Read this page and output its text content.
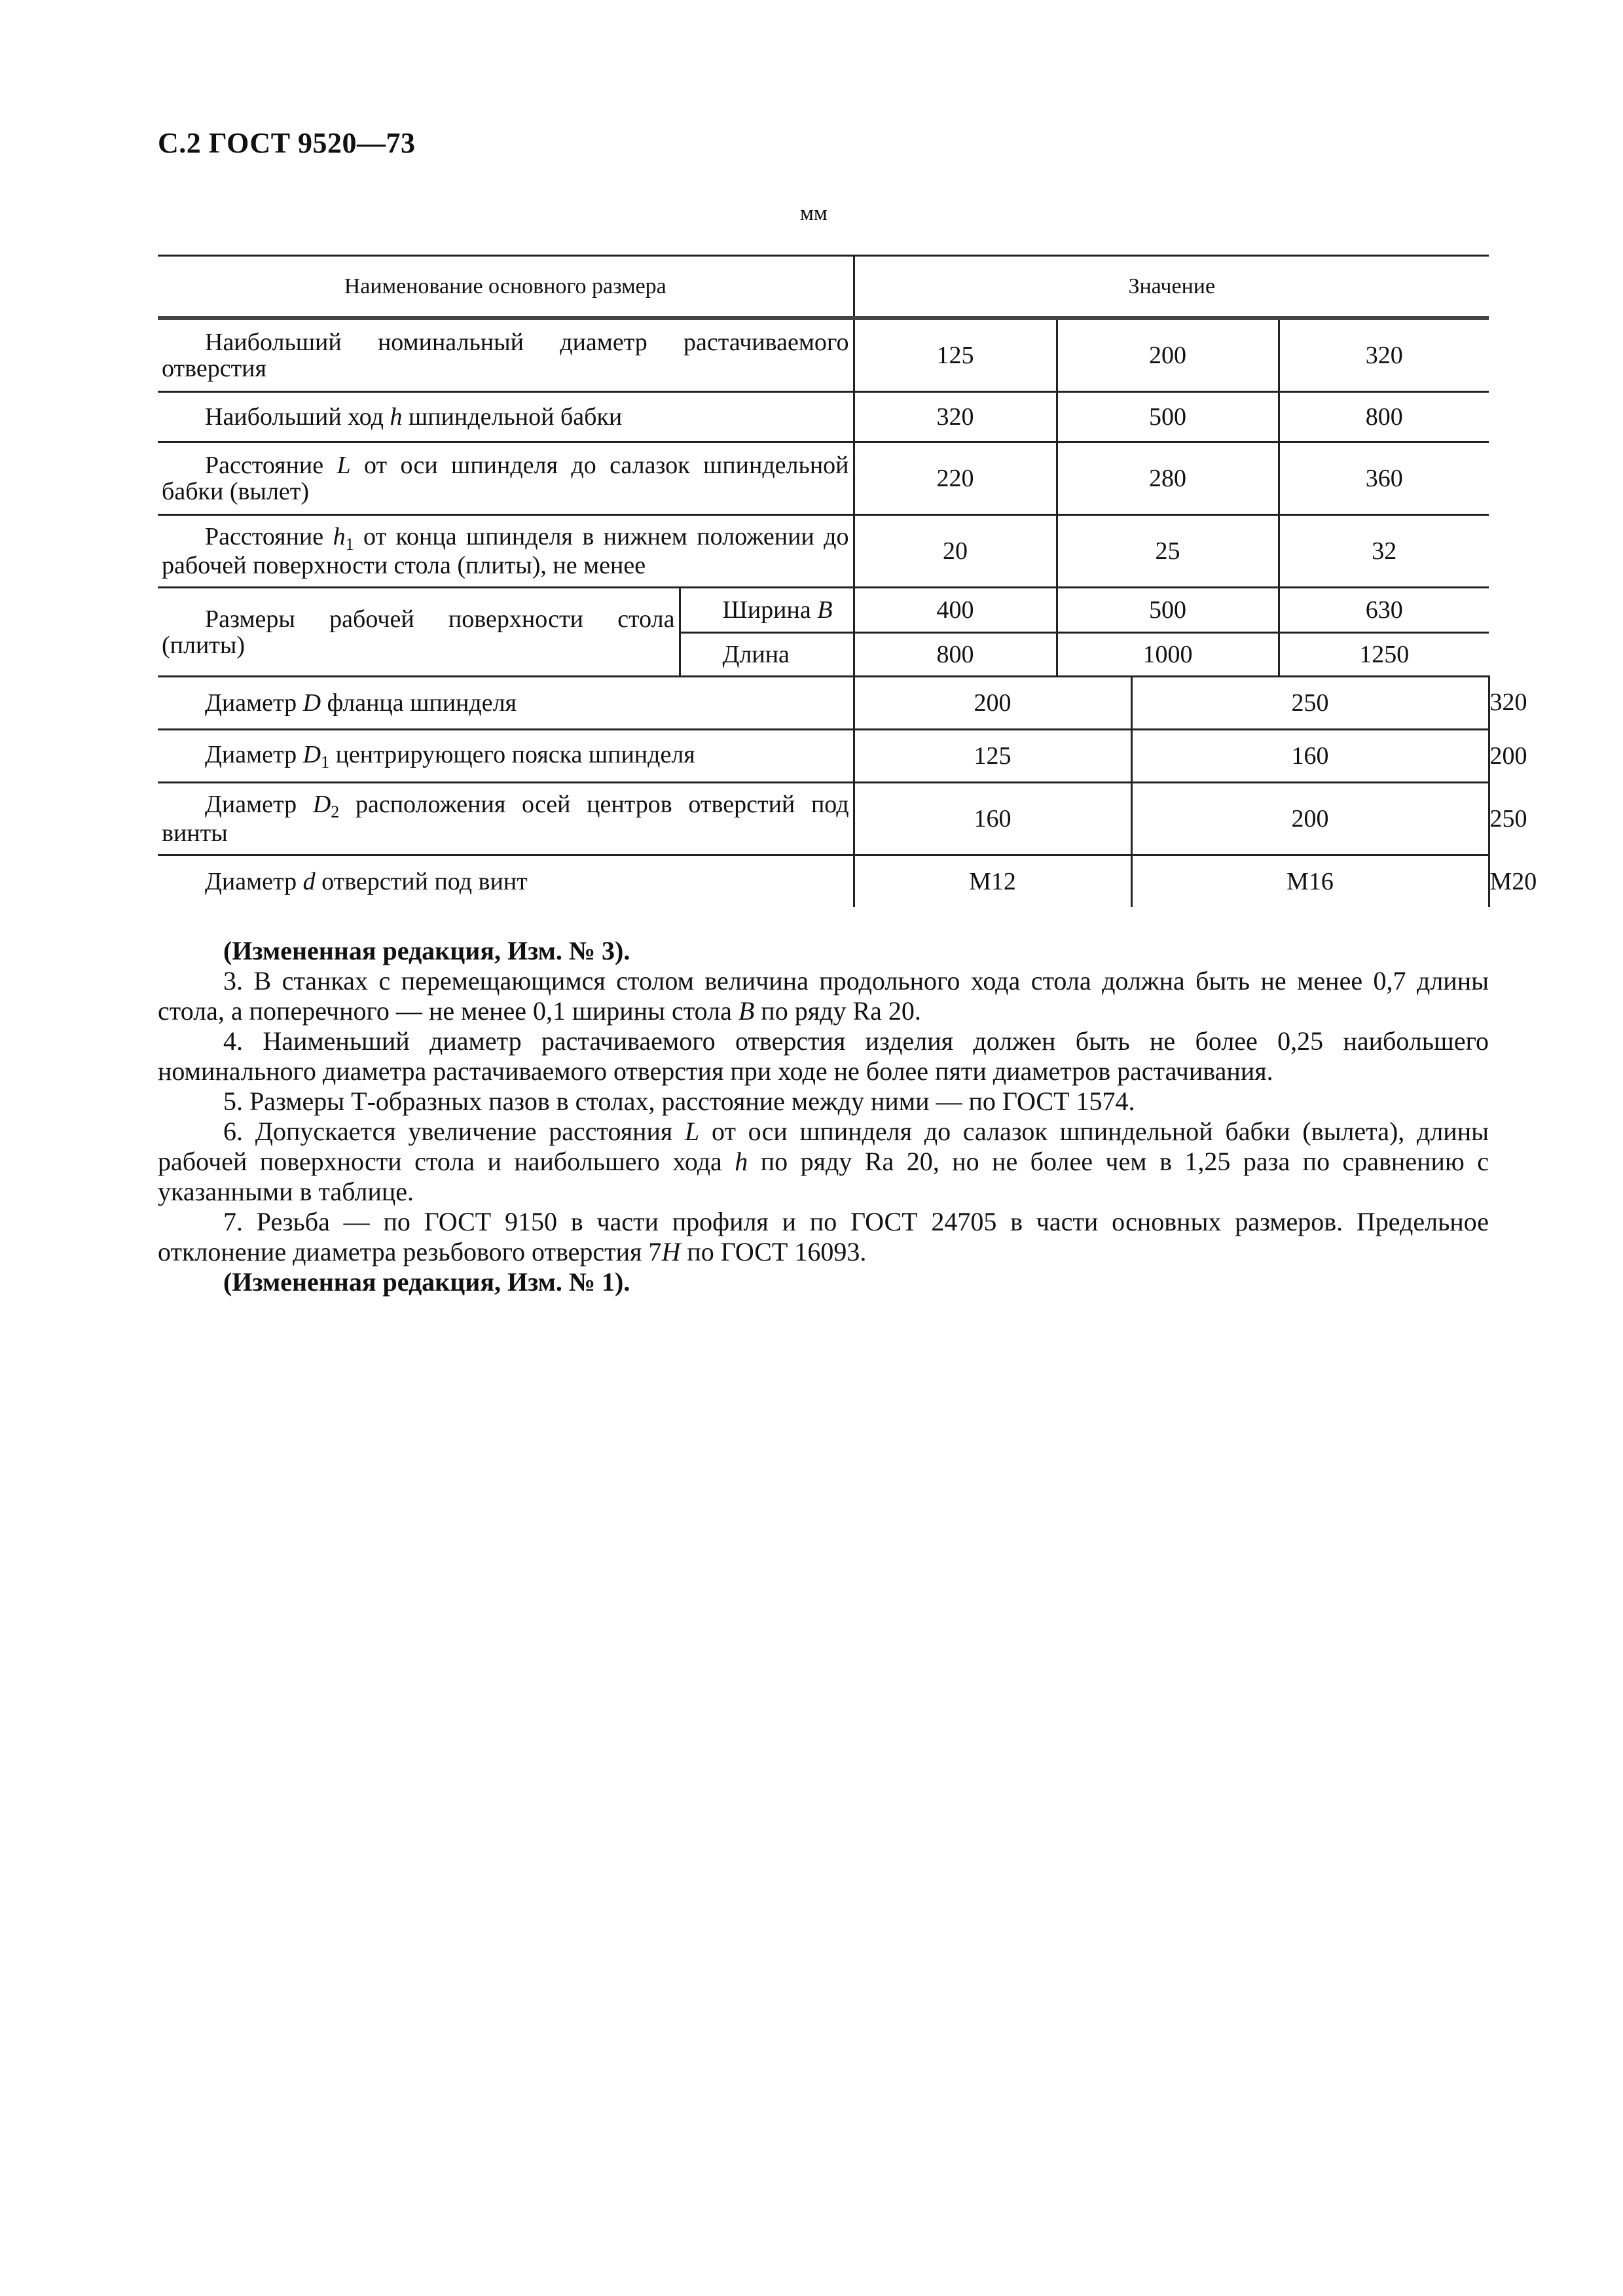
С.2 ГОСТ 9520—73
мм
Наименование основного размера		Значение				
Наибольший номинальный диаметр растачиваемого отверстия		125	200		320	
Наибольший ход h шпиндельной бабки		320	500		800	
Расстояние L от оси шпинделя до салазок шпиндельной бабки (вылет)		220	280		360	
Расстояние $h_1$ от конца шпинделя в нижнем положении до рабочей поверхности стола (плиты), не менее		20	25		32	
Размеры рабочей поверхности стола (плиты)	Ширина B	400	500		630	
	Длина	800	1000		1250	
Диаметр D фланца шпинделя		200		250		320
Диаметр $D_1$ центрирующего пояска шпинделя		125		160		200
Диаметр $D_2$ расположения осей центров отверстий под винты		160		200		250
Диаметр d отверстий под винт		М12		М16		М20

(Измененная редакция, Изм. № 3).

3. В станках с перемещающимся столом величина продольного хода стола должна быть не менее 0,7 длины стола, а поперечного — не менее 0,1 ширины стола B по ряду Ra 20.

4. Наименьший диаметр растачиваемого отверстия изделия должен быть не более 0,25 наибольшего номинального диаметра растачиваемого отверстия при ходе не более пяти диаметров растачивания.

5. Размеры Т-образных пазов в столах, расстояние между ними — по ГОСТ 1574.

6. Допускается увеличение расстояния L от оси шпинделя до салазок шпиндельной бабки (вылета), длины рабочей поверхности стола и наибольшего хода h по ряду Ra 20, но не более чем в 1,25 раза по сравнению с указанными в таблице.

7. Резьба — по ГОСТ 9150 в части профиля и по ГОСТ 24705 в части основных размеров. Предельное отклонение диаметра резьбового отверстия 7H по ГОСТ 16093.

(Измененная редакция, Изм. № 1).
